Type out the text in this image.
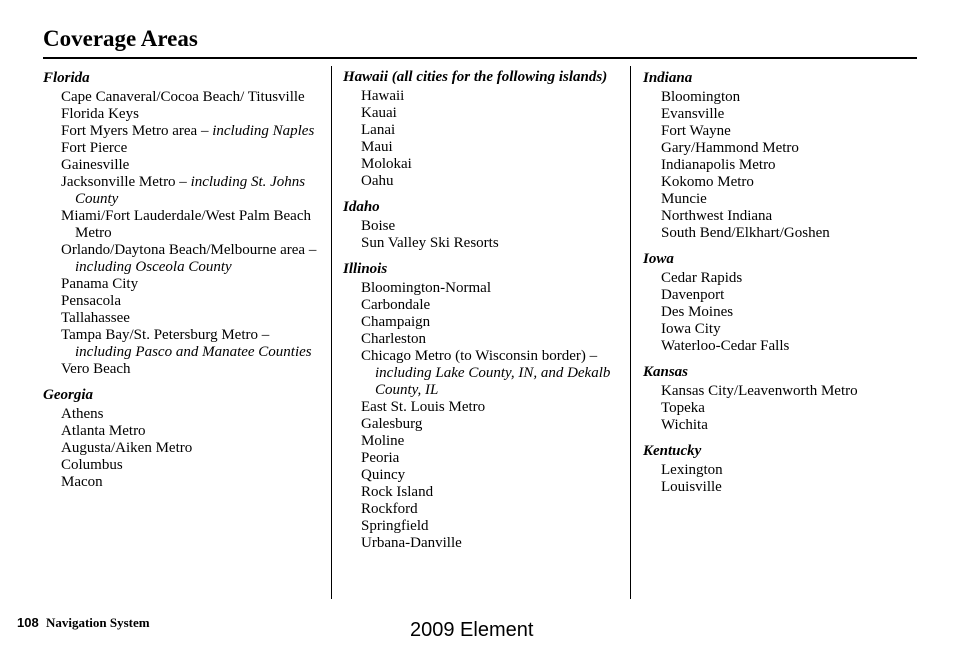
Coverage Areas
Florida
Cape Canaveral/Cocoa Beach/ Titusville
Florida Keys
Fort Myers Metro area – including Naples
Fort Pierce
Gainesville
Jacksonville Metro – including St. Johns County
Miami/Fort Lauderdale/West Palm Beach Metro
Orlando/Daytona Beach/Melbourne area – including Osceola County
Panama City
Pensacola
Tallahassee
Tampa Bay/St. Petersburg Metro – including Pasco and Manatee Counties
Vero Beach
Georgia
Athens
Atlanta Metro
Augusta/Aiken Metro
Columbus
Macon
Hawaii (all cities for the following islands)
Hawaii
Kauai
Lanai
Maui
Molokai
Oahu
Idaho
Boise
Sun Valley Ski Resorts
Illinois
Bloomington-Normal
Carbondale
Champaign
Charleston
Chicago Metro (to Wisconsin border) – including Lake County, IN, and Dekalb County, IL
East St. Louis Metro
Galesburg
Moline
Peoria
Quincy
Rock Island
Rockford
Springfield
Urbana-Danville
Indiana
Bloomington
Evansville
Fort Wayne
Gary/Hammond Metro
Indianapolis Metro
Kokomo Metro
Muncie
Northwest Indiana
South Bend/Elkhart/Goshen
Iowa
Cedar Rapids
Davenport
Des Moines
Iowa City
Waterloo-Cedar Falls
Kansas
Kansas City/Leavenworth Metro
Topeka
Wichita
Kentucky
Lexington
Louisville
108 Navigation System	2009 Element
